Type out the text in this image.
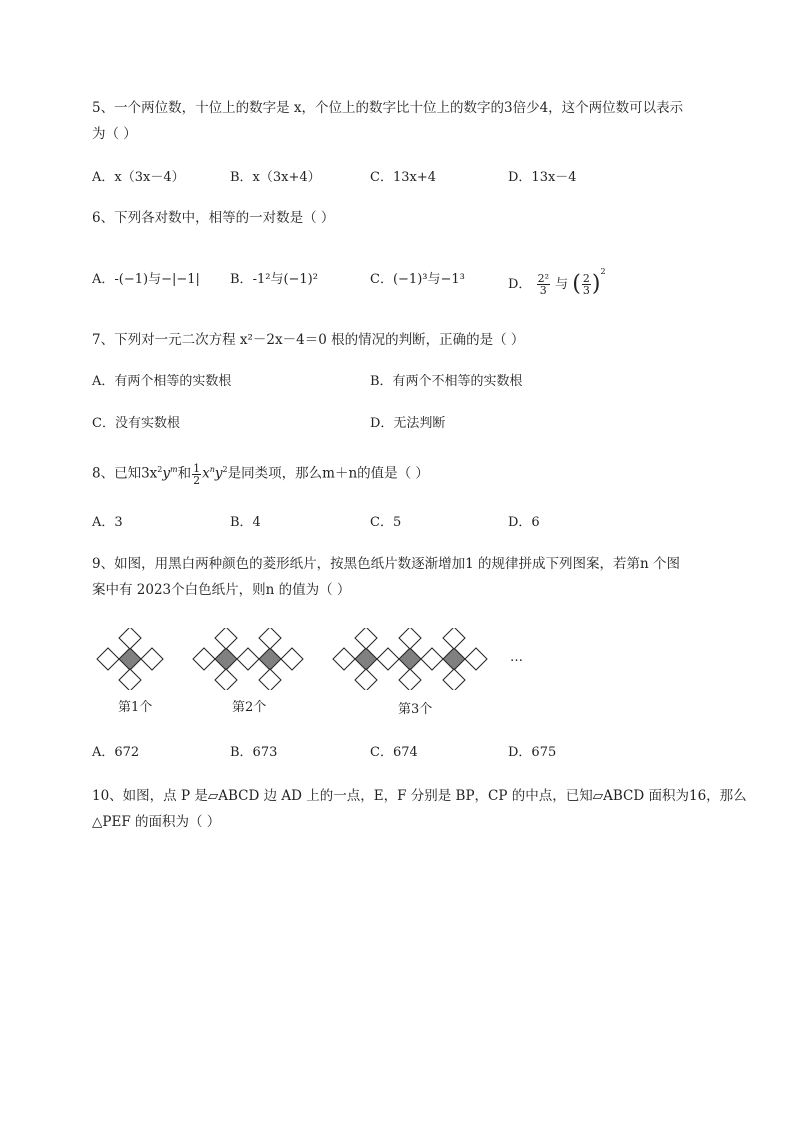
5、一个两位数，十位上的数字是 x，个位上的数字比十位上的数字的3倍少4，这个两位数可以表示
为（ ）
A．x（3x－4）	B．x（3x+4）	C．13x+4	D．13x－4
6、下列各对数中，相等的一对数是（ ）
A．-(−1)与−|−1| B．-1²与(−1)²	C．(−1)³与−1³	D． $\frac{\text{2²}}{3}$ 与 ( $\frac{2}{3} )^2$
7、下列对一元二次方程 x²－2x－4＝0 根的情况的判断，正确的是（ ）
A．有两个相等的实数根	B．有两个不相等的实数根
C．没有实数根	D．无法判断
8、已知$3x^2y^m$和 $\frac{1}{2} x^ny^2$是同类项，那么m＋n的值是（ ）
A．3	B．4	C．5	D．6
9、如图，用黑白两种颜色的菱形纸片，按黑色纸片数逐渐增加1 的规律拼成下列图案，若第n 个图
案中有 2023个白色纸片，则n 的值为（ ）
…
第1个	第2个	第3个
A．672	B．673	C．674	D．675
10、如图，点 P 是▱ABCD 边 AD 上的一点，E，F 分别是 BP，CP 的中点，已知▱ABCD 面积为16，那么
△PEF 的面积为（ ）
